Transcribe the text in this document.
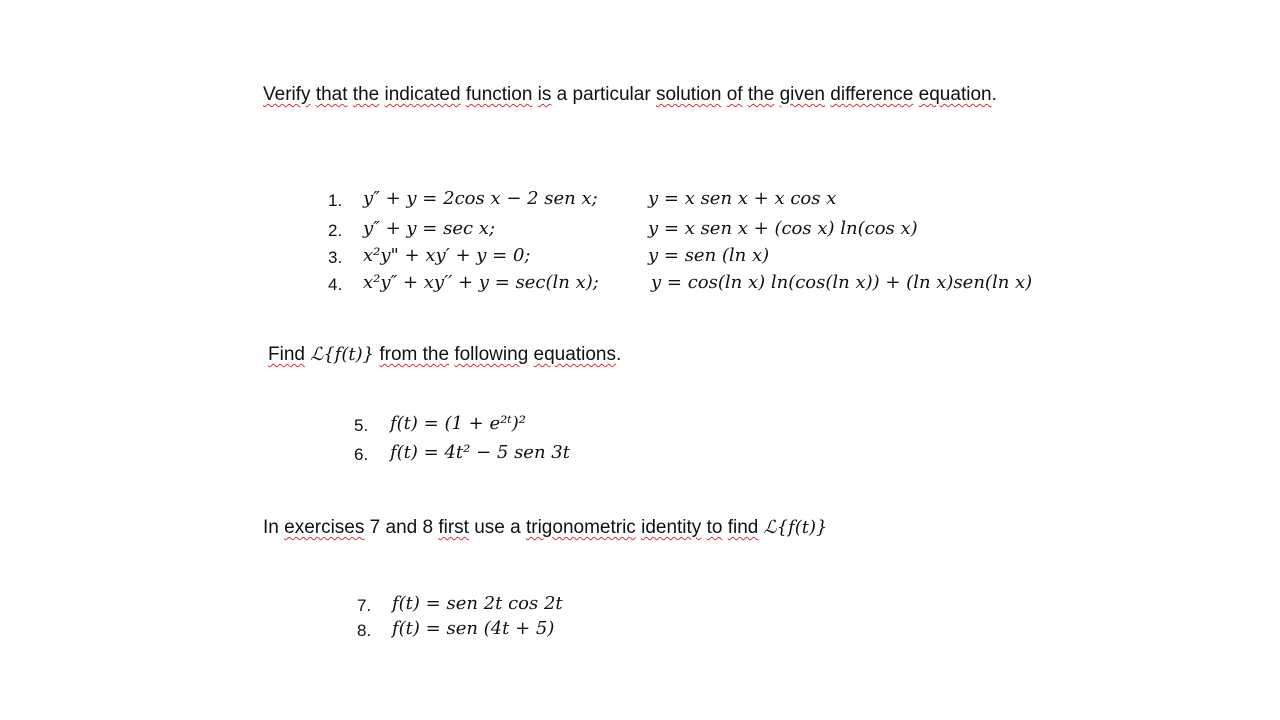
Verify that the indicated function is a particular solution of the given difference equation.
1. y″ + y = 2cos x − 2 sen x;	y = x sen x + x cos x
2. y″ + y = sec x;	y = x sen x + (cos x) ln(cos x)
3. x²y" + xy′ + y = 0;	y = sen (ln x)
4. x²y″ + xy′′ + y = sec(ln x);	y = cos(ln x) ln(cos(ln x)) + (ln x)sen(ln x)
Find ℒ{f(t)} from the following equations.
5. f(t) = (1 + e²ᵗ)²
6. f(t) = 4t² − 5 sen 3t
In exercises 7 and 8 first use a trigonometric identity to find ℒ{f(t)}
7. f(t) = sen 2t cos 2t
8. f(t) = sen (4t + 5)
